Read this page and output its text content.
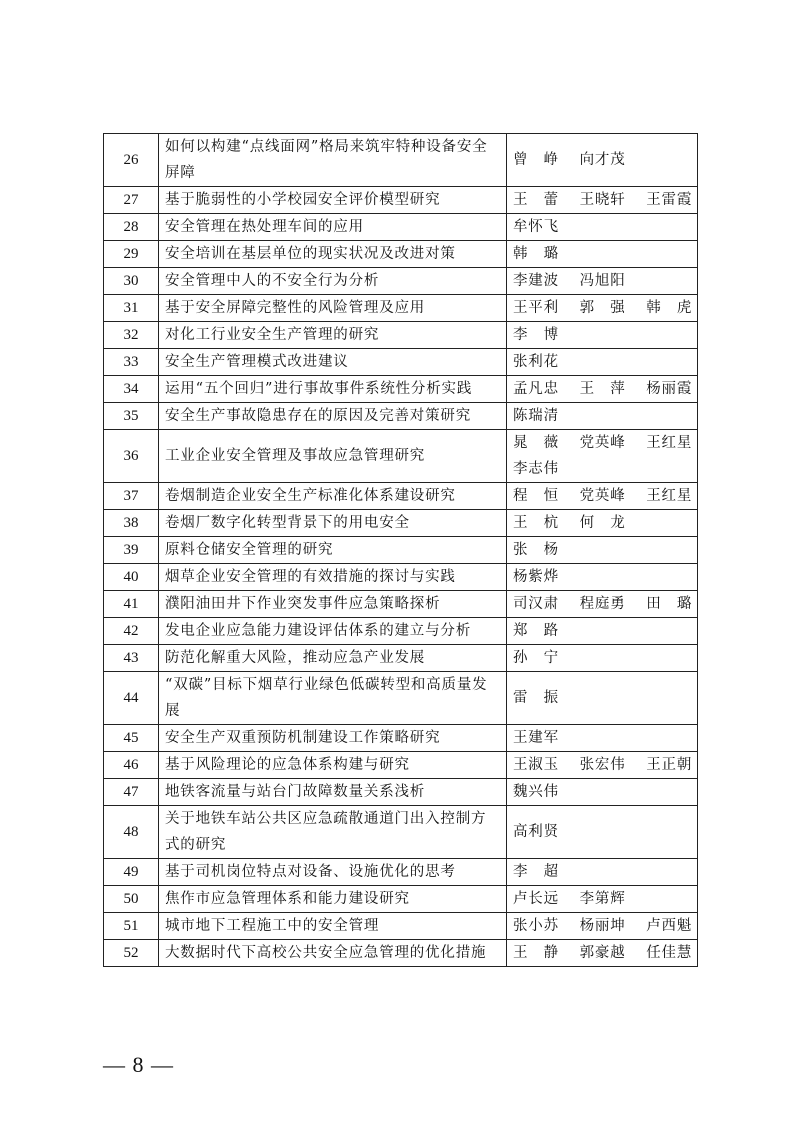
26	如何以构建“点线面网”格局来筑牢特种设备安全屏障	曾　峥　 向才茂
27	基于脆弱性的小学校园安全评价模型研究	王　蕾　 王晓轩　 王雷霞
28	安全管理在热处理车间的应用	牟怀飞
29	安全培训在基层单位的现实状况及改进对策	韩　璐
30	安全管理中人的不安全行为分析	李建波　 冯旭阳
31	基于安全屏障完整性的风险管理及应用	王平利　 郭　强　 韩　虎
32	对化工行业安全生产管理的研究	李　博
33	安全生产管理模式改进建议	张利花
34	运用“五个回归”进行事故事件系统性分析实践	孟凡忠　 王　萍　 杨丽霞
35	安全生产事故隐患存在的原因及完善对策研究	陈瑞清
36	工业企业安全管理及事故应急管理研究	晁　薇　 党英峰　 王红星
李志伟
37	卷烟制造企业安全生产标准化体系建设研究	程　恒　 党英峰　 王红星
38	卷烟厂数字化转型背景下的用电安全	王　杭　 何　龙
39	原料仓储安全管理的研究	张　杨
40	烟草企业安全管理的有效措施的探讨与实践	杨紫烨
41	濮阳油田井下作业突发事件应急策略探析	司汉肃　 程庭勇　 田　璐
42	发电企业应急能力建设评估体系的建立与分析	郑　路
43	防范化解重大风险，推动应急产业发展	孙　宁
44	“双碳”目标下烟草行业绿色低碳转型和高质量发展	雷　振
45	安全生产双重预防机制建设工作策略研究	王建军
46	基于风险理论的应急体系构建与研究	王淑玉　 张宏伟　 王正朝
47	地铁客流量与站台门故障数量关系浅析	魏兴伟
48	关于地铁车站公共区应急疏散通道门出入控制方式的研究	高利贤
49	基于司机岗位特点对设备、设施优化的思考	李　超
50	焦作市应急管理体系和能力建设研究	卢长远　 李第辉
51	城市地下工程施工中的安全管理	张小苏　 杨丽坤　 卢西魁
52	大数据时代下高校公共安全应急管理的优化措施	王　静　 郭豪越　 任佳慧
— 8 —
